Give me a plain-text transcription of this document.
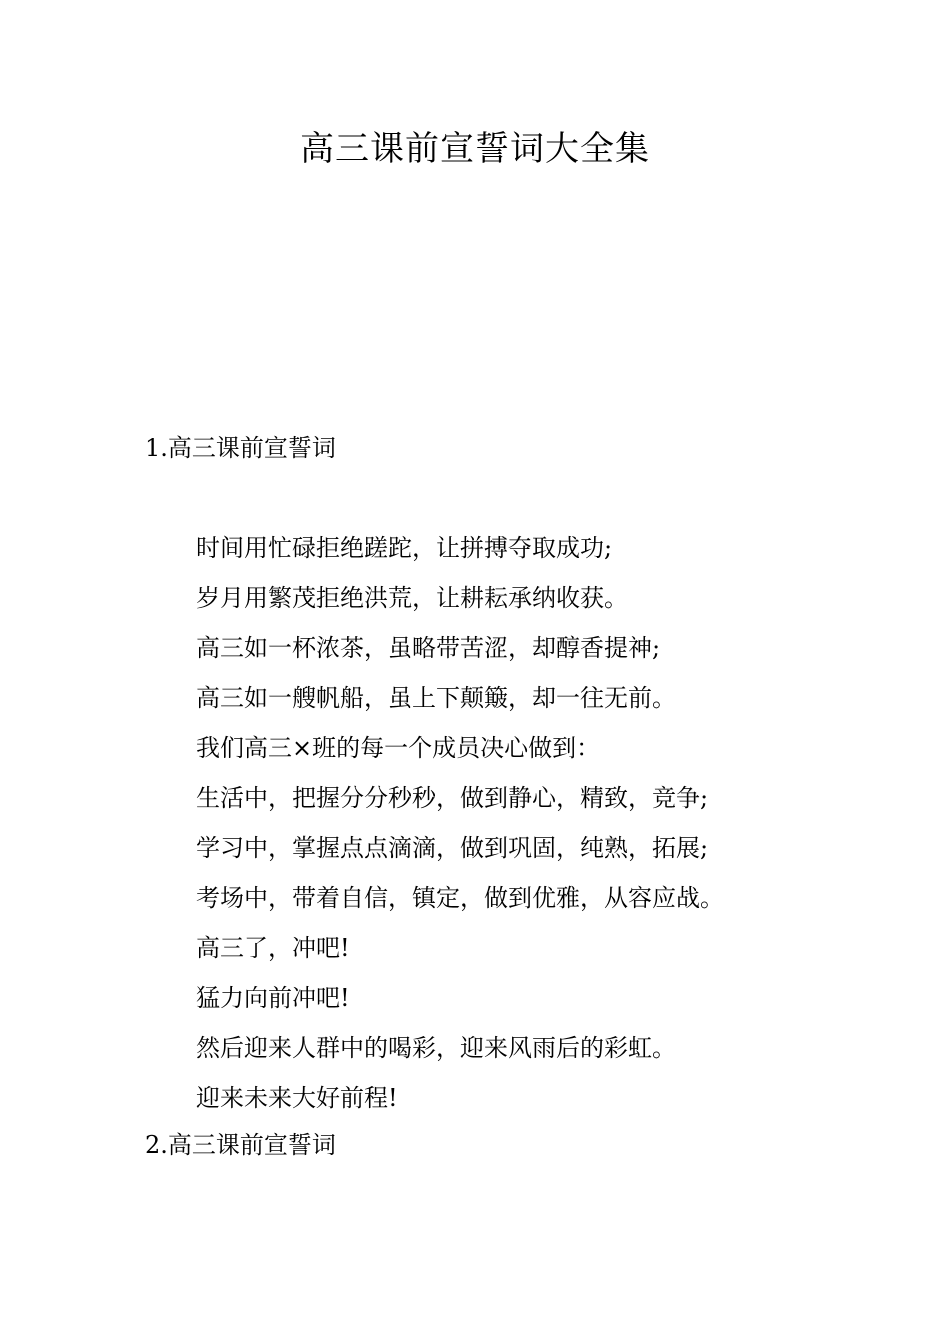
高三课前宣誓词大全集
1.高三课前宣誓词
时间用忙碌拒绝蹉跎，让拼搏夺取成功;
岁月用繁茂拒绝洪荒，让耕耘承纳收获。
高三如一杯浓茶，虽略带苦涩，却醇香提神;
高三如一艘帆船，虽上下颠簸，却一往无前。
我们高三×班的每一个成员决心做到：
生活中，把握分分秒秒，做到静心，精致，竞争;
学习中，掌握点点滴滴，做到巩固，纯熟，拓展;
考场中，带着自信，镇定，做到优雅，从容应战。
高三了，冲吧!
猛力向前冲吧!
然后迎来人群中的喝彩，迎来风雨后的彩虹。
迎来未来大好前程!
2.高三课前宣誓词
